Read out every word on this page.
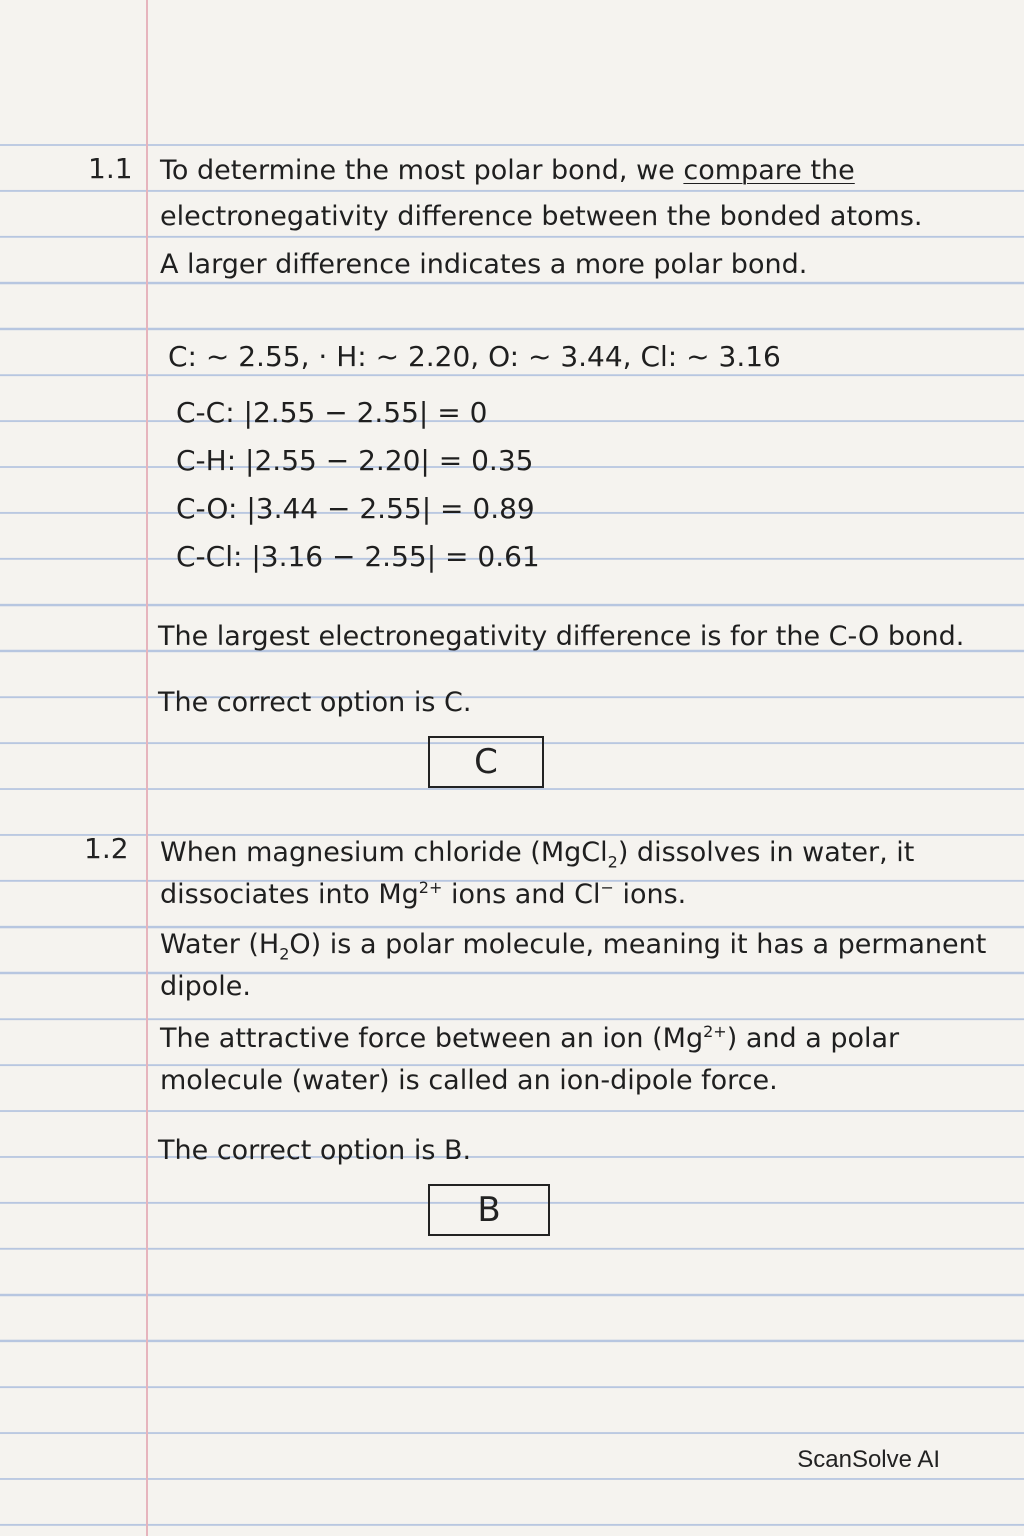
1.1 To determine the most polar bond, we compare the
electronegativity difference between the bonded atoms.
A larger difference indicates a more polar bond.
C: ~ 2.55, · H: ~ 2.20, O: ~ 3.44, Cl: ~ 3.16
C-C: |2.55 − 2.55| = 0
C-H: |2.55 − 2.20| = 0.35
C-O: |3.44 − 2.55| = 0.89
C-Cl: |3.16 − 2.55| = 0.61
The largest electronegativity difference is for the C-O bond.
The correct option is C.
C
1.2 When magnesium chloride (MgCl$_2$) dissolves in water, it
dissociates into $Mg^{2+}$ ions and Cl− ions.
Water $(H_2O)$ is a polar molecule, meaning it has a permanent
dipole.
The attractive force between an ion $(Mg^{2+})$ and a polar
molecule (water) is called an ion-dipole force.
The correct option is B.
B
ScanSolve AI
